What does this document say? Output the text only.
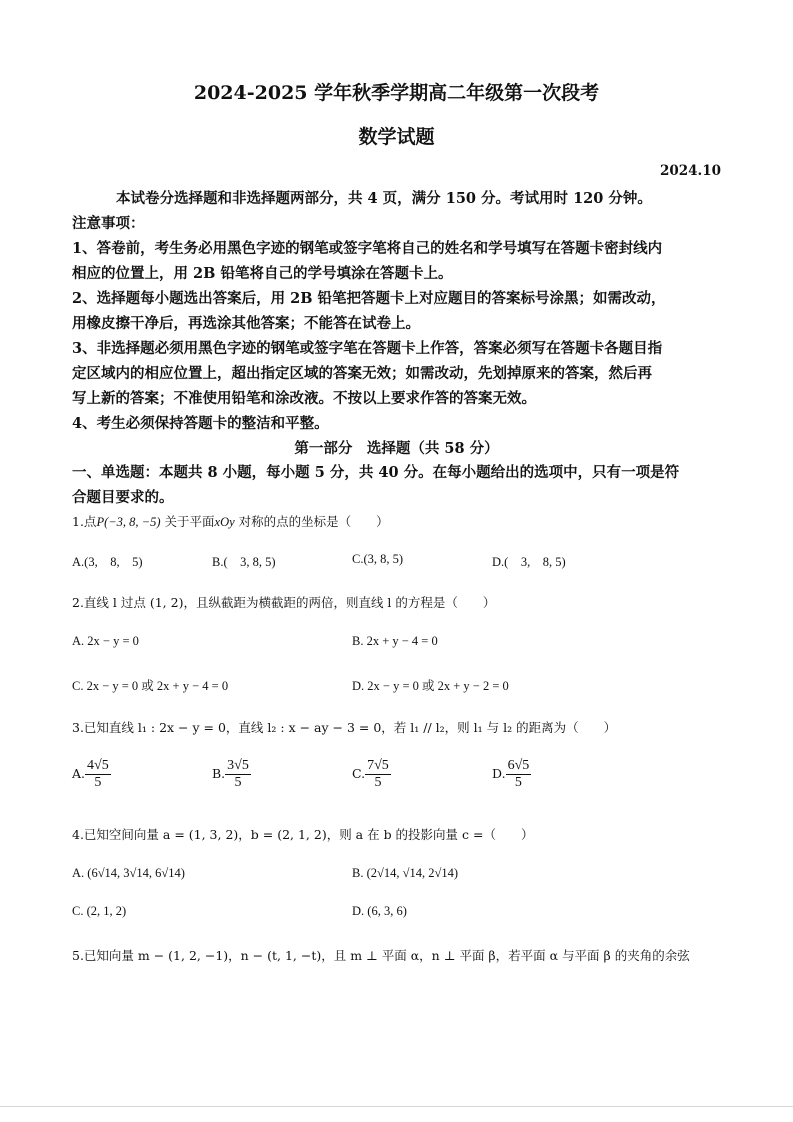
2024-2025 学年秋季学期高二年级第一次段考
数学试题
2024.10
本试卷分选择题和非选择题两部分，共 4 页，满分 150 分。考试用时 120 分钟。
注意事项：
1、答卷前，考生务必用黑色字迹的钢笔或签字笔将自己的姓名和学号填写在答题卡密封线内
相应的位置上，用 2B 铅笔将自己的学号填涂在答题卡上。
2、选择题每小题选出答案后，用 2B 铅笔把答题卡上对应题目的答案标号涂黑；如需改动，
用橡皮擦干净后，再选涂其他答案；不能答在试卷上。
3、非选择题必须用黑色字迹的钢笔或签字笔在答题卡上作答，答案必须写在答题卡各题目指
定区域内的相应位置上，超出指定区域的答案无效；如需改动，先划掉原来的答案，然后再
写上新的答案；不准使用铅笔和涂改液。不按以上要求作答的答案无效。
4、考生必须保持答题卡的整洁和平整。
第一部分　选择题（共 58 分）
一、单选题：本题共 8 小题，每小题 5 分，共 40 分。在每小题给出的选项中，只有一项是符
合题目要求的。
1.点P(−3, 8, −5) 关于平面xOy 对称的点的坐标是（　　）
A.(3,　8,　5)	B.(　3, 8, 5)	C.(3, 8, 5)	D.(　3,　8, 5)
2.直线 l 过点 (1, 2)，且纵截距为横截距的两倍，则直线 l 的方程是（　　）
A. 2x − y = 0	B. 2x + y − 4 = 0
C. 2x − y = 0 或 2x + y − 4 = 0	D. 2x − y = 0 或 2x + y − 2 = 0
3.已知直线 l₁ : 2x − y = 0，直线 l₂ : x − ay − 3 = 0，若 l₁ // l₂，则 l₁ 与 l₂ 的距离为（　　）
A. $\frac{4√5}{5}$	B. $\frac{3√5}{5}$	C. $\frac{7√5}{5}$	D. $\frac{6√5}{5}$
4.已知空间向量 a = (1, 3, 2)，b = (2, 1, 2)，则 a 在 b 的投影向量 c =（　　）
A. (6√14, 3√14, 6√14)	B. (2√14, √14, 2√14)
C. (2, 1, 2)	D. (6, 3, 6)
5.已知向量 m − (1, 2, −1)，n − (t, 1, −t)，且 m ⊥ 平面 α，n ⊥ 平面 β，若平面 α 与平面 β 的夹角的余弦
